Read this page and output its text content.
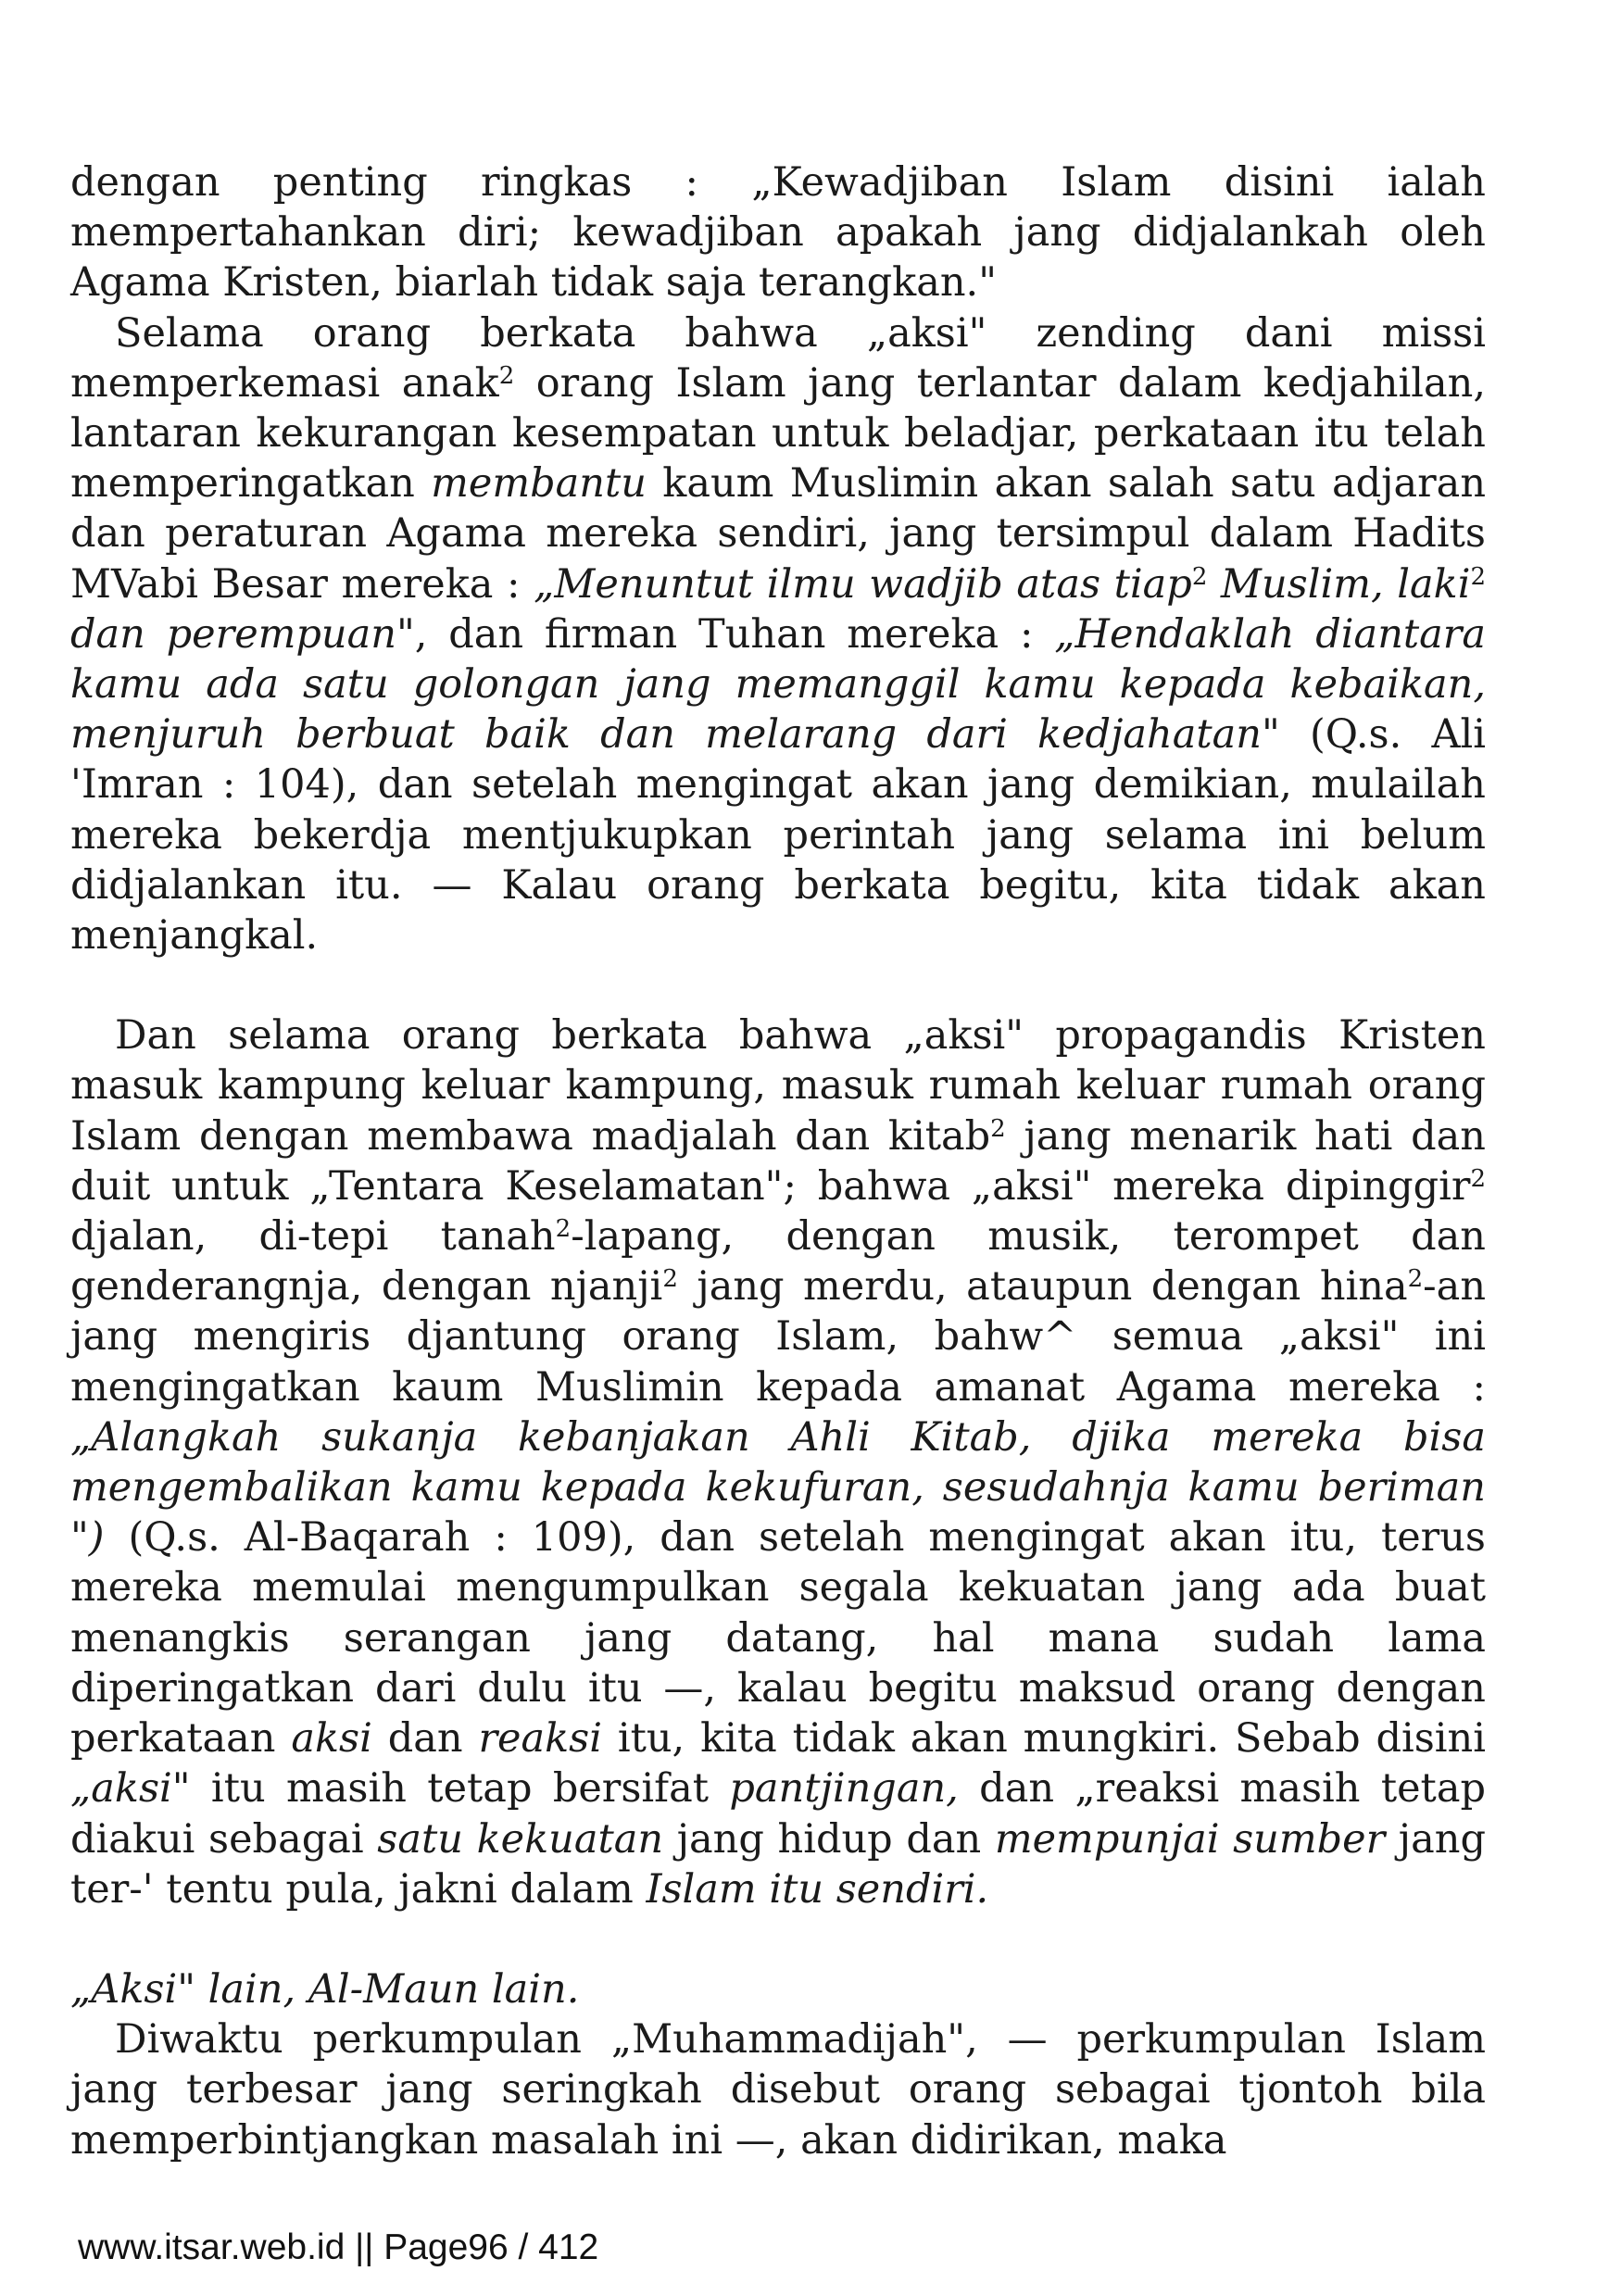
dengan penting ringkas : „Kewadjiban Islam disini ialah mempertahankan diri; kewadjiban apakah jang didjalankah oleh Agama Kristen, biarlah tidak saja terangkan."

Selama orang berkata bahwa „aksi" zending dani missi memperkemasi anak$^2$ orang Islam jang terlantar dalam kedjahilan, lantaran kekurangan kesempatan untuk beladjar, perkataan itu telah memperingatkan membantu kaum Muslimin akan salah satu adjaran dan peraturan Agama mereka sendiri, jang tersimpul dalam Hadits MVabi Besar mereka : „Menuntut ilmu wadjib atas tiap$^2$ Muslim, laki$^2$ dan perempuan", dan firman Tuhan mereka : „Hendaklah diantara kamu ada satu golongan jang memanggil kamu kepada kebaikan, menjuruh berbuat baik dan melarang dari kedjahatan" (Q.s. Ali 'Imran : 104), dan setelah mengingat akan jang demikian, mulailah mereka bekerdja mentjukupkan perintah jang selama ini belum didjalankan itu. — Kalau orang berkata begitu, kita tidak akan menjangkal.

Dan selama orang berkata bahwa „aksi" propagandis Kristen masuk kampung keluar kampung, masuk rumah keluar rumah orang Islam dengan membawa madjalah dan kitab$^2$ jang menarik hati dan duit untuk „Tentara Keselamatan"; bahwa „aksi" mereka dipinggir$^2$ djalan, di-tepi tanah$^2$-lapang, dengan musik, terompet dan genderangnja, dengan njanji$^2$ jang merdu, ataupun dengan hina$^2$-an jang mengiris djantung orang Islam, bahw^ semua „aksi" ini mengingatkan kaum Muslimin kepada amanat Agama mereka : „Alangkah sukanja kebanjakan Ahli Kitab, djika mereka bisa mengembalikan kamu kepada kekufuran, sesudahnja kamu beriman ") (Q.s. Al-Baqarah : 109), dan setelah mengingat akan itu, terus mereka memulai mengumpulkan segala kekuatan jang ada buat menangkis serangan jang datang, hal mana sudah lama diperingatkan dari dulu itu —, kalau begitu maksud orang dengan perkataan aksi dan reaksi itu, kita tidak akan mungkiri. Sebab disini „aksi" itu masih tetap bersifat pantjingan, dan „reaksi masih tetap diakui sebagai satu kekuatan jang hidup dan mempunjai sumber jang ter-' tentu pula, jakni dalam Islam itu sendiri.

„Aksi" lain, Al-Maun lain.

Diwaktu perkumpulan „Muhammadijah", — perkumpulan Islam jang terbesar jang seringkah disebut orang sebagai tjontoh bila memperbintjangkan masalah ini —, akan didirikan, maka

www.itsar.web.id || Page96 / 412
